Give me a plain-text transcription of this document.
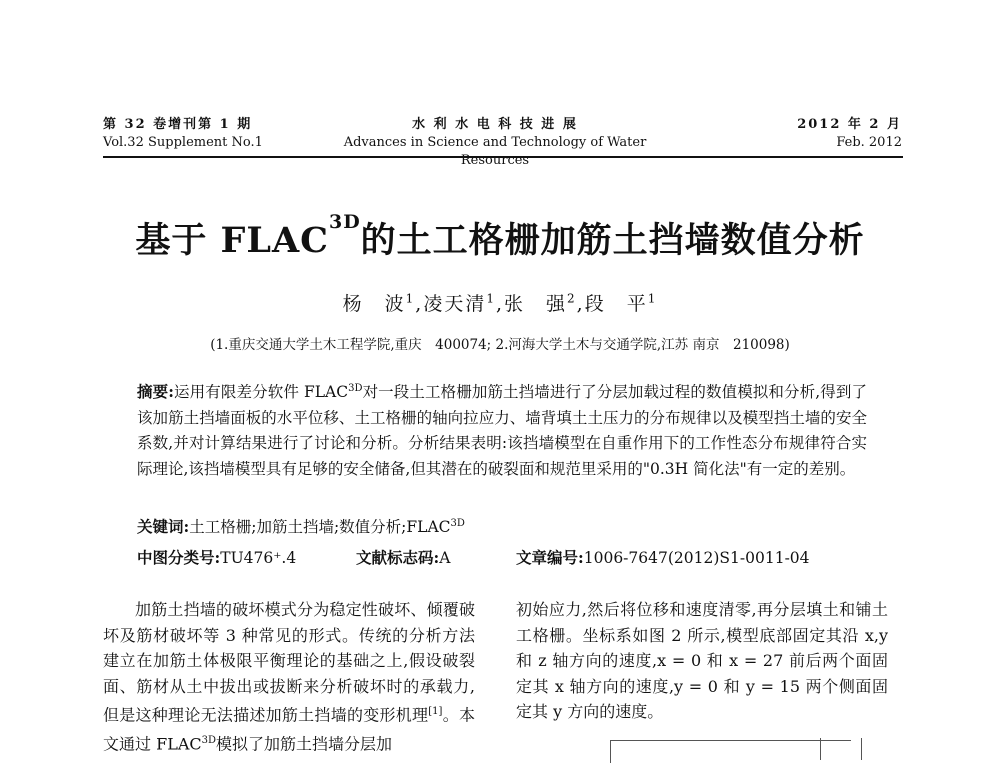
第 32 卷增刊第 1 期
Vol.32 Supplement No.1
水 利 水 电 科 技 进 展
Advances in Science and Technology of Water Resources
2012 年 2 月
Feb. 2012
基于 $FLAC^{3D}$的土工格栅加筋土挡墙数值分析
杨　波$^1$,凌天清$^1$,张　强$^2$,段　平$^1$
(1.重庆交通大学土木工程学院,重庆　400074; 2.河海大学土木与交通学院,江苏 南京　210098)
摘要:运用有限差分软件 $FLAC^{3D}$对一段土工格栅加筋土挡墙进行了分层加载过程的数值模拟和分析,得到了该加筋土挡墙面板的水平位移、土工格栅的轴向拉应力、墙背填土土压力的分布规律以及模型挡土墙的安全系数,并对计算结果进行了讨论和分析。分析结果表明:该挡墙模型在自重作用下的工作性态分布规律符合实际理论,该挡墙模型具有足够的安全储备,但其潜在的破裂面和规范里采用的"0.3H 简化法"有一定的差别。
关键词:土工格栅;加筋土挡墙;数值分析$;FLAC^{3D}$
中图分类号:TU476⁺.4	文献标志码:A	文章编号:1006-7647(2012)S1-0011-04

加筋土挡墙的破坏模式分为稳定性破坏、倾覆破坏及筋材破坏等 3 种常见的形式。传统的分析方法建立在加筋土体极限平衡理论的基础之上,假设破裂面、筋材从土中拔出或拔断来分析破坏时的承载力,但是这种理论无法描述加筋土挡墙的变形机理[1]。本文通过 $FLAC^{3D}$模拟了加筋土挡墙分层加

初始应力,然后将位移和速度清零,再分层填土和铺土工格栅。坐标系如图 2 所示,模型底部固定其沿 x,y 和 z 轴方向的速度,x = 0 和 x = 27 前后两个面固定其 x 轴方向的速度,y = 0 和 y = 15 两个侧面固定其 y 方向的速度。
